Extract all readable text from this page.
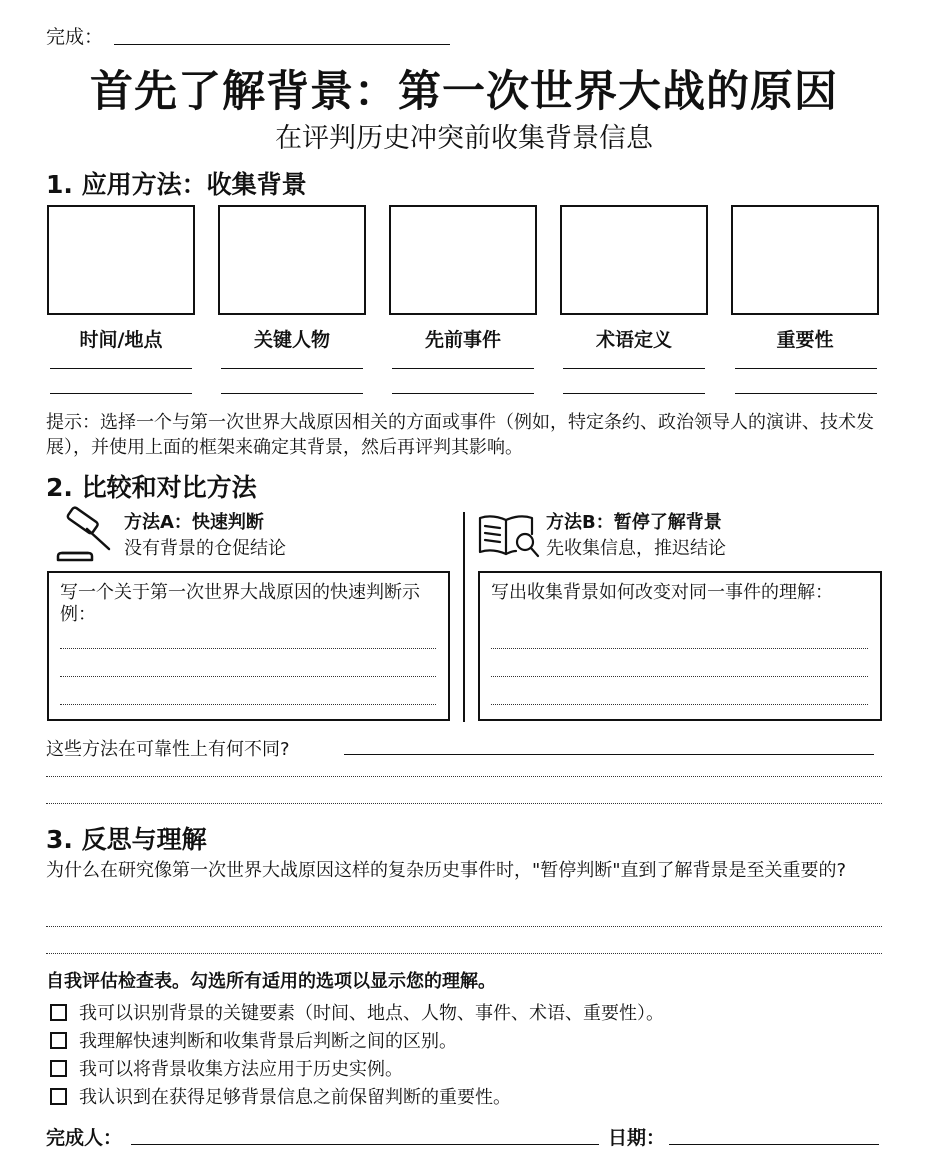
完成：
首先了解背景：第一次世界大战的原因
在评判历史冲突前收集背景信息
1. 应用方法：收集背景
时间/地点	关键人物	先前事件	术语定义	重要性
提示：选择一个与第一次世界大战原因相关的方面或事件（例如，特定条约、政治领导人的演讲、技术发展），并使用上面的框架来确定其背景，然后再评判其影响。
2. 比较和对比方法
方法A：快速判断
没有背景的仓促结论
方法B：暂停了解背景
先收集信息，推迟结论
写一个关于第一次世界大战原因的快速判断示例：
写出收集背景如何改变对同一事件的理解：
这些方法在可靠性上有何不同?
3. 反思与理解
为什么在研究像第一次世界大战原因这样的复杂历史事件时，"暂停判断"直到了解背景是至关重要的?
自我评估检查表。勾选所有适用的选项以显示您的理解。
我可以识别背景的关键要素（时间、地点、人物、事件、术语、重要性）。
我理解快速判断和收集背景后判断之间的区别。
我可以将背景收集方法应用于历史实例。
我认识到在获得足够背景信息之前保留判断的重要性。
完成人：	日期：
